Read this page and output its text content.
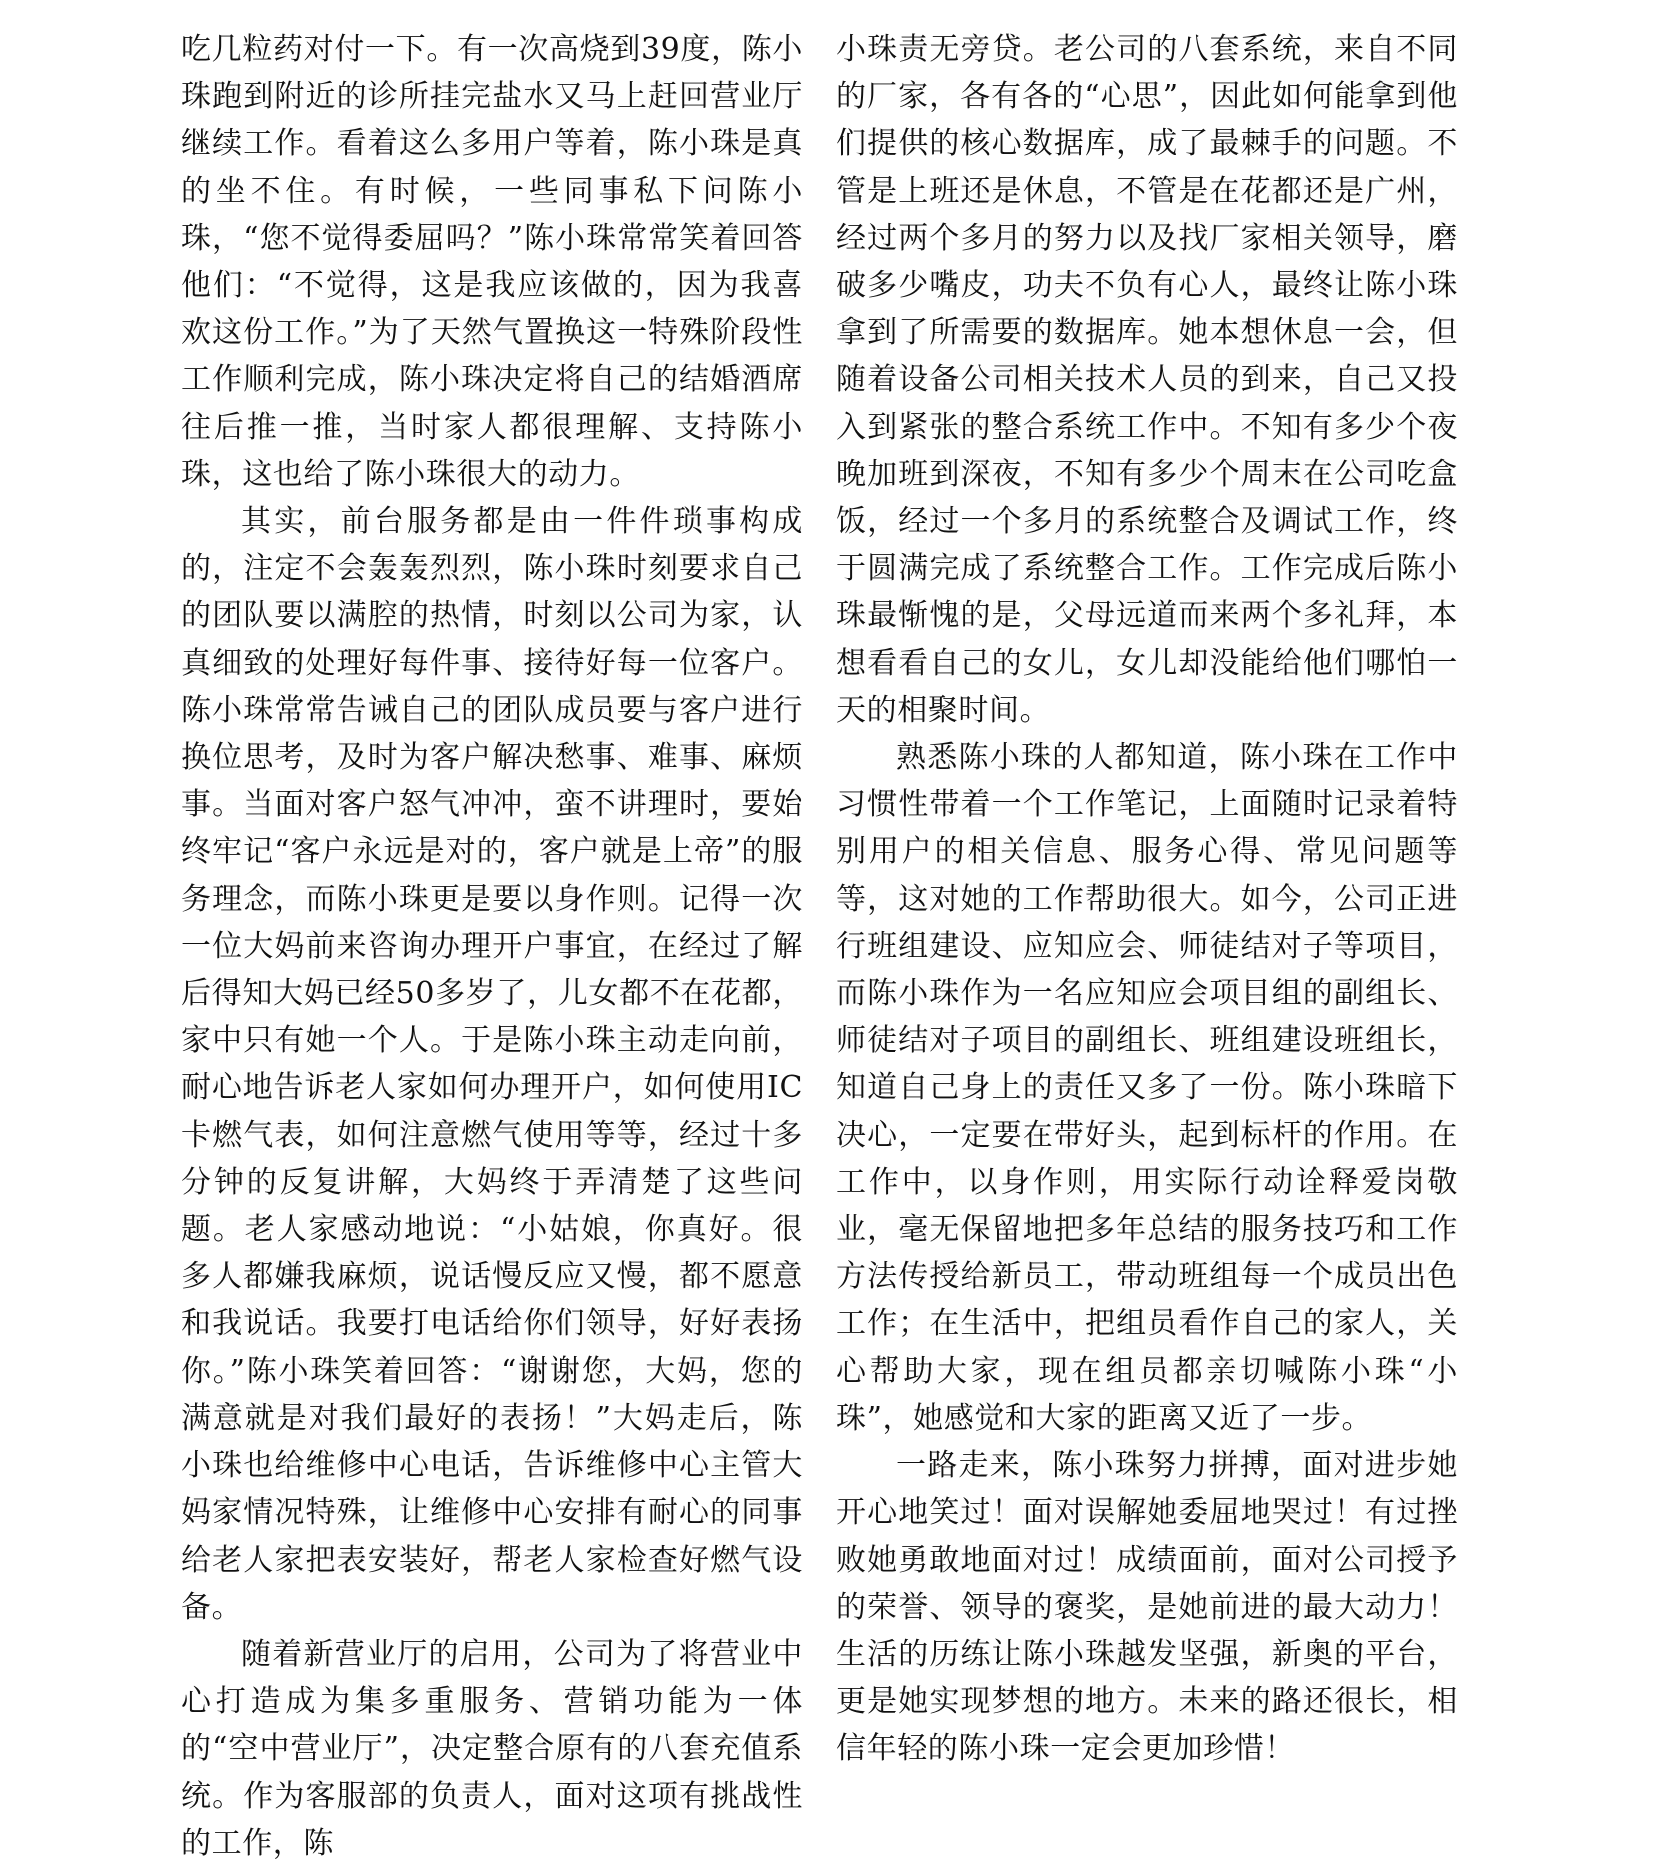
吃几粒药对付一下。有一次高烧到39度，陈小珠跑到附近的诊所挂完盐水又马上赶回营业厅继续工作。看着这么多用户等着，陈小珠是真的坐不住。有时候，一些同事私下问陈小珠，“您不觉得委屈吗？”陈小珠常常笑着回答他们：“不觉得，这是我应该做的，因为我喜欢这份工作。”为了天然气置换这一特殊阶段性工作顺利完成，陈小珠决定将自己的结婚酒席往后推一推，当时家人都很理解、支持陈小珠，这也给了陈小珠很大的动力。

其实，前台服务都是由一件件琐事构成的，注定不会轰轰烈烈，陈小珠时刻要求自己的团队要以满腔的热情，时刻以公司为家，认真细致的处理好每件事、接待好每一位客户。陈小珠常常告诫自己的团队成员要与客户进行换位思考，及时为客户解决愁事、难事、麻烦事。当面对客户怒气冲冲，蛮不讲理时，要始终牢记“客户永远是对的，客户就是上帝”的服务理念，而陈小珠更是要以身作则。记得一次一位大妈前来咨询办理开户事宜，在经过了解后得知大妈已经50多岁了，儿女都不在花都，家中只有她一个人。于是陈小珠主动走向前，耐心地告诉老人家如何办理开户，如何使用IC卡燃气表，如何注意燃气使用等等，经过十多分钟的反复讲解，大妈终于弄清楚了这些问题。老人家感动地说：“小姑娘，你真好。很多人都嫌我麻烦，说话慢反应又慢，都不愿意和我说话。我要打电话给你们领导，好好表扬你。”陈小珠笑着回答：“谢谢您，大妈，您的满意就是对我们最好的表扬！”大妈走后，陈小珠也给维修中心电话，告诉维修中心主管大妈家情况特殊，让维修中心安排有耐心的同事给老人家把表安装好，帮老人家检查好燃气设备。

随着新营业厅的启用，公司为了将营业中心打造成为集多重服务、营销功能为一体的“空中营业厅”，决定整合原有的八套充值系统。作为客服部的负责人，面对这项有挑战性的工作，陈

小珠责无旁贷。老公司的八套系统，来自不同的厂家，各有各的“心思”，因此如何能拿到他们提供的核心数据库，成了最棘手的问题。不管是上班还是休息，不管是在花都还是广州，经过两个多月的努力以及找厂家相关领导，磨破多少嘴皮，功夫不负有心人，最终让陈小珠拿到了所需要的数据库。她本想休息一会，但随着设备公司相关技术人员的到来，自己又投入到紧张的整合系统工作中。不知有多少个夜晚加班到深夜，不知有多少个周末在公司吃盒饭，经过一个多月的系统整合及调试工作，终于圆满完成了系统整合工作。工作完成后陈小珠最惭愧的是，父母远道而来两个多礼拜，本想看看自己的女儿，女儿却没能给他们哪怕一天的相聚时间。

熟悉陈小珠的人都知道，陈小珠在工作中习惯性带着一个工作笔记，上面随时记录着特别用户的相关信息、服务心得、常见问题等等，这对她的工作帮助很大。如今，公司正进行班组建设、应知应会、师徒结对子等项目，而陈小珠作为一名应知应会项目组的副组长、师徒结对子项目的副组长、班组建设班组长，知道自己身上的责任又多了一份。陈小珠暗下决心，一定要在带好头，起到标杆的作用。在工作中，以身作则，用实际行动诠释爱岗敬业，毫无保留地把多年总结的服务技巧和工作方法传授给新员工，带动班组每一个成员出色工作；在生活中，把组员看作自己的家人，关心帮助大家，现在组员都亲切喊陈小珠“小珠”，她感觉和大家的距离又近了一步。

一路走来，陈小珠努力拼搏，面对进步她开心地笑过！面对误解她委屈地哭过！有过挫败她勇敢地面对过！成绩面前，面对公司授予的荣誉、领导的褒奖，是她前进的最大动力！生活的历练让陈小珠越发坚强，新奥的平台，更是她实现梦想的地方。未来的路还很长，相信年轻的陈小珠一定会更加珍惜！
